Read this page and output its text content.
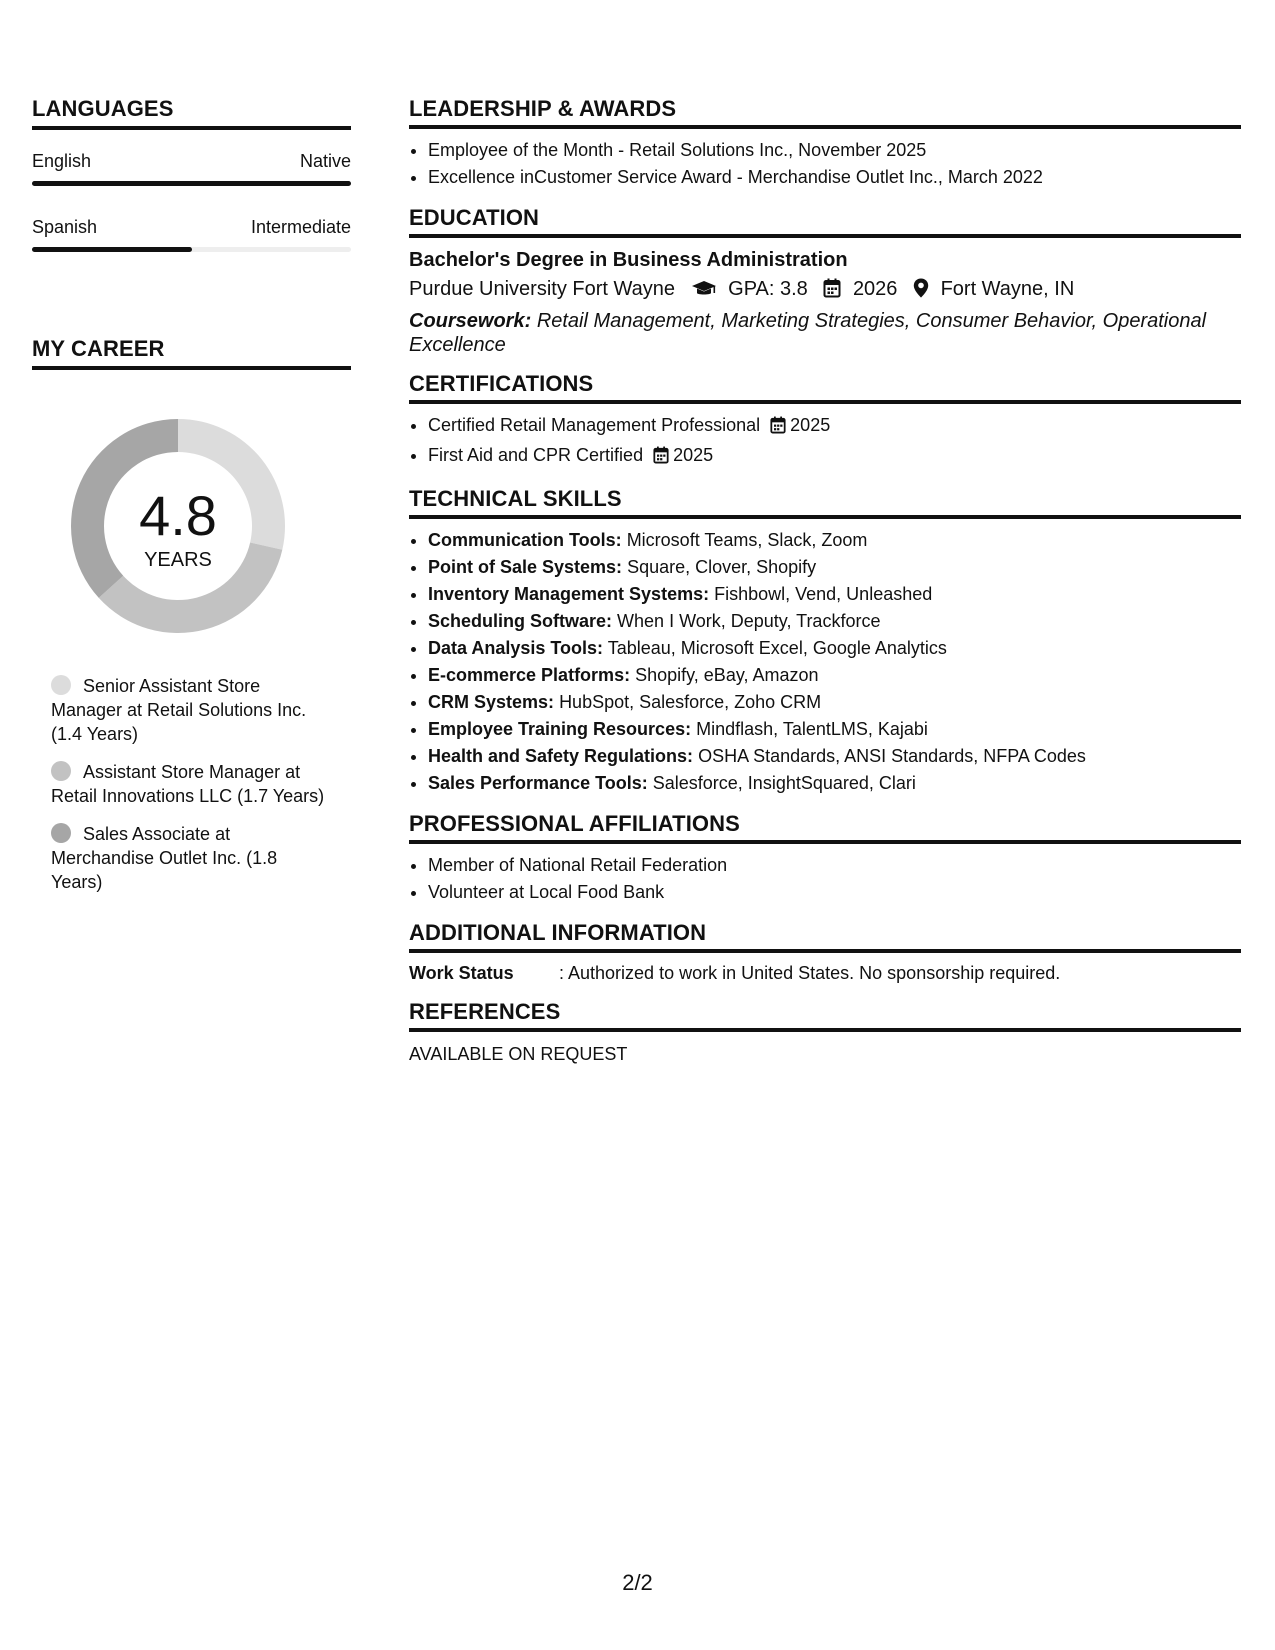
LANGUAGES
English	Native
Spanish	Intermediate
MY CAREER
4.8
YEARS
Senior Assistant Store Manager at Retail Solutions Inc. (1.4 Years)
Assistant Store Manager at Retail Innovations LLC (1.7 Years)
Sales Associate at Merchandise Outlet Inc. (1.8 Years)
LEADERSHIP & AWARDS
• Employee of the Month - Retail Solutions Inc., November 2025
• Excellence inCustomer Service Award - Merchandise Outlet Inc., March 2022
EDUCATION
Bachelor's Degree in Business Administration
Purdue University Fort Wayne	GPA: 3.8 2026 Fort Wayne, IN
Coursework: Retail Management, Marketing Strategies, Consumer Behavior, Operational Excellence
CERTIFICATIONS
• Certified Retail Management Professional 2025
• First Aid and CPR Certified 2025
TECHNICAL SKILLS
• Communication Tools: Microsoft Teams, Slack, Zoom
• Point of Sale Systems: Square, Clover, Shopify
• Inventory Management Systems: Fishbowl, Vend, Unleashed
• Scheduling Software: When I Work, Deputy, Trackforce
• Data Analysis Tools: Tableau, Microsoft Excel, Google Analytics
• E-commerce Platforms: Shopify, eBay, Amazon
• CRM Systems: HubSpot, Salesforce, Zoho CRM
• Employee Training Resources: Mindflash, TalentLMS, Kajabi
• Health and Safety Regulations: OSHA Standards, ANSI Standards, NFPA Codes
• Sales Performance Tools: Salesforce, InsightSquared, Clari
PROFESSIONAL AFFILIATIONS
• Member of National Retail Federation
• Volunteer at Local Food Bank
ADDITIONAL INFORMATION
Work Status	: Authorized to work in United States. No sponsorship required.
REFERENCES
AVAILABLE ON REQUEST
2/2
